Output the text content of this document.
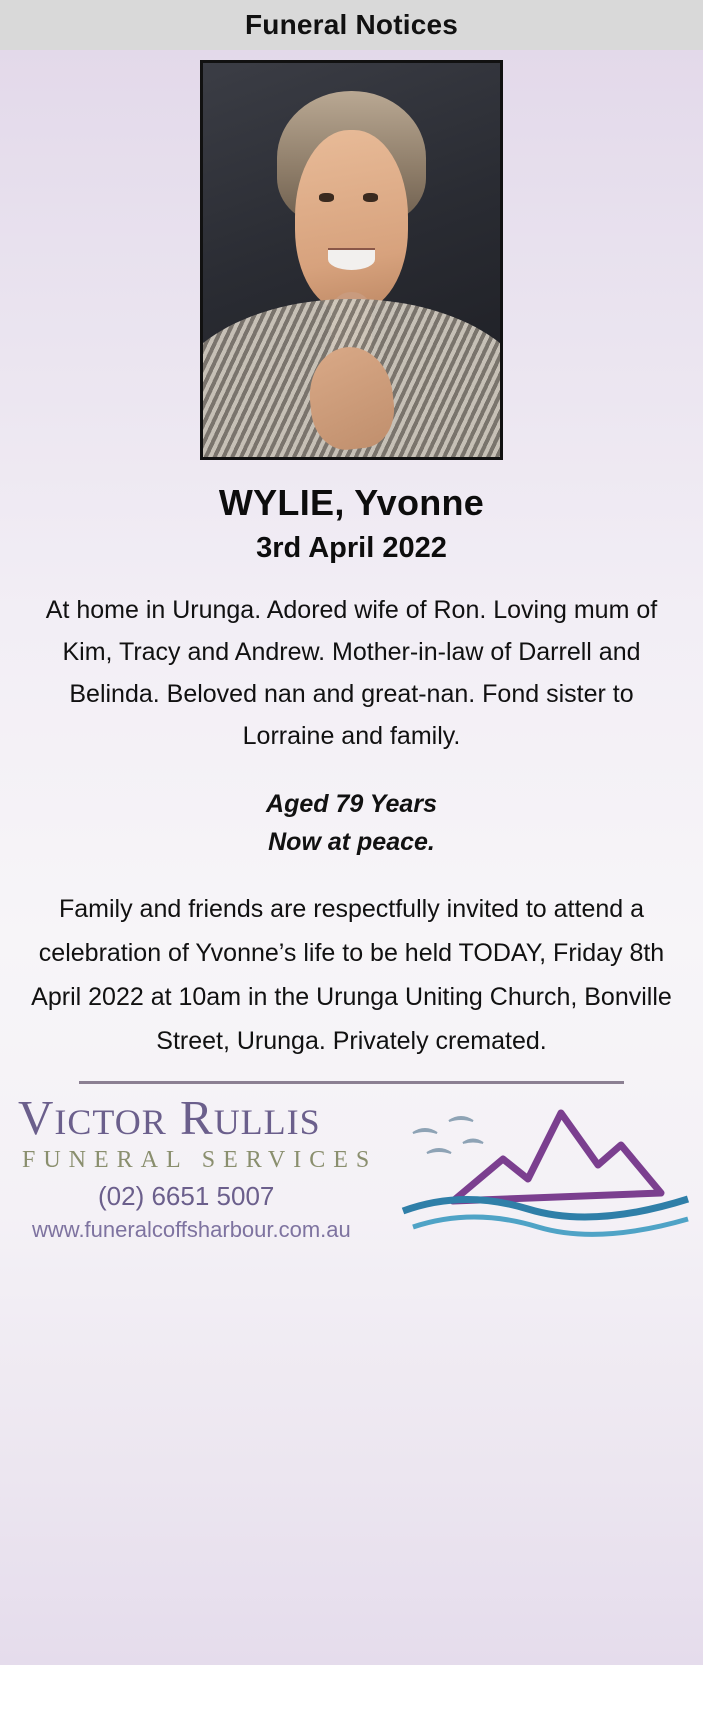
Funeral Notices
WYLIE, Yvonne
3rd April 2022
At home in Urunga. Adored wife of Ron. Loving mum of Kim, Tracy and Andrew. Mother-in-law of Darrell and Belinda. Beloved nan and great-nan. Fond sister to Lorraine and family.
Aged 79 Years
Now at peace.
Family and friends are respectfully invited to attend a celebration of Yvonne’s life to be held TODAY, Friday 8th April 2022 at 10am in the Urunga Uniting Church, Bonville Street, Urunga. Privately cremated.
VICTOR RULLIS
FUNERAL SERVICES
(02) 6651 5007
www.funeralcoffsharbour.com.au
